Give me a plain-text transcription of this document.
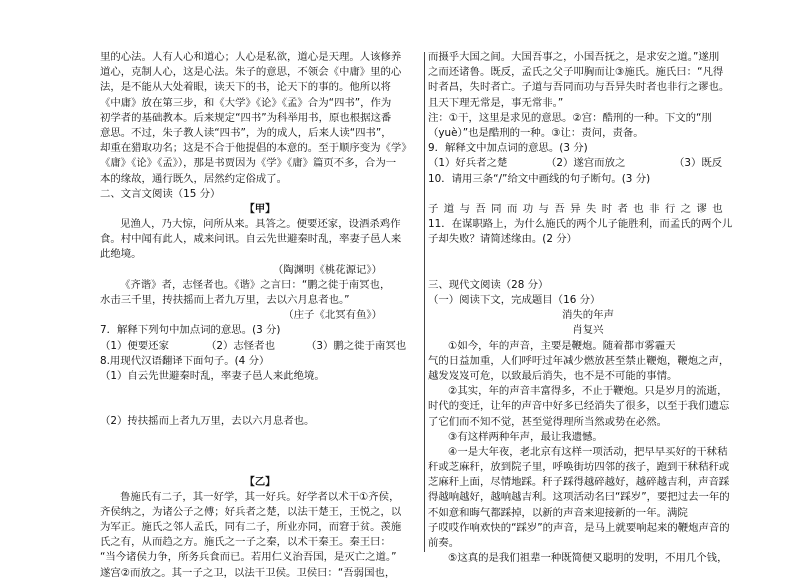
里的心法。人有人心和道心；人心是私欲，道心是天理。人该修养
道心，克制人心，这是心法。朱子的意思，不领会《中庸》里的心
法，是不能从大处着眼，读天下的书，论天下的事的。他所以将
《中庸》放在第三步，和《大学》《论》《孟》合为“四书”，作为
初学者的基础教本。后来规定“四书”为科举用书，原也根据这番
意思。不过，朱子教人读“四书”，为的成人，后来人读“四书”，
却重在猎取功名；这是不合于他提倡的本意的。至于顺序变为《学》
《庸》《论》《孟》），那是书贾因为《学》《庸》篇页不多，合为一
本的缘故，通行既久，居然约定俗成了。
二、文言文阅读（15 分）
【甲】
见渔人，乃大惊，问所从来。具答之。便要还家，设酒杀鸡作
食。村中闻有此人，咸来问讯。自云先世避秦时乱，率妻子邑人来
此绝境。
（陶渊明《桃花源记》）
《齐谐》者，志怪者也。《谐》之言曰：“鹏之徙于南冥也，
水击三千里，抟扶摇而上者九万里，去以六月息者也。”
（庄子《北冥有鱼》）
7．解释下列句中加点词的意思。(3 分)
（1）便要还家	（2）志怪者也	（3）鹏之徙于南冥也
8.用现代汉语翻译下面句子。(4 分）
（1）自云先世避秦时乱，率妻子邑人来此绝境。
（2）抟扶摇而上者九万里，去以六月息者也。
【乙】
鲁施氏有二子，其一好学，其一好兵。好学者以术干①齐侯，
齐侯纳之，为诸公子之傅；好兵者之楚，以法干楚王，王悦之，以
为军正。施氏之邻人孟氏，同有二子，所业亦同，而窘于贫。羡施
氏之有，从而趋之方。施氏之一子之秦，以术干秦王。秦王曰：
“当今诸侯力争，所务兵食而已。若用仁义治吾国，是灭亡之道。”
遂宫②而放之。其一子之卫，以法干卫侯。卫侯曰：“吾弱国也，
而摄乎大国之间。大国吾事之，小国吾抚之，是求安之道。”遂刖
之而还诸鲁。既反，孟氏之父子叩胸而让③施氏。施氏曰：“凡得
时者昌，失时者亡。子道与吾同而功与吾异失时者也非行之谬也。
且天下理无常是，事无常非。”
注：①干，这里是求见的意思。②宫：酷刑的一种。下文的“刖
（yuè）”也是酷刑的一种。③让：责问，责备。
9．解释文中加点词的意思。(3 分)
（1）好兵者之楚	（2）遂宫而放之	（3）既反
10．请用三条“/”给文中画线的句子断句。(3 分)
子道与吾同而功与吾异失时者也非行之谬也
11．在谋职路上，为什么施氏的两个儿子能胜利，而孟氏的两个儿
子却失败？请简述缘由。(2 分）
三、现代文阅读（28 分）
（一）阅读下文，完成题目（16 分）
消失的年声
肖复兴
①如今，年的声音，主要是鞭炮。随着都市雾霾天
气的日益加重，人们呼吁过年减少燃放甚至禁止鞭炮，鞭炮之声，
越发岌岌可危，以致最后消失，也不是不可能的事情。
②其实，年的声音丰富得多，不止于鞭炮。只是岁月的流逝，
时代的变迁，让年的声音中好多已经消失了很多，以至于我们遗忘
了它们而不知不觉，甚至觉得理所当然或势在必然。
③有这样两种年声，最让我遗憾。
④一是大年夜，老北京有这样一项活动，把早早买好的干秫秸
秆或芝麻秆，放到院子里，呼唤街坊四邻的孩子，跑到干秫秸秆或
芝麻秆上面，尽情地踩。秆子踩得越碎越好，越碎越吉利，声音踩
得越响越好，越响越吉利。这项活动名曰“踩岁”，要把过去一年的
不如意和晦气都踩掉，以新的声音来迎接新的一年。满院
子哎哎作响欢快的“踩岁”的声音，是马上就要响起来的鞭炮声音的
前奏。
⑤这真的是我们祖辈一种既简便又聪明的发明，不用几个钱，
